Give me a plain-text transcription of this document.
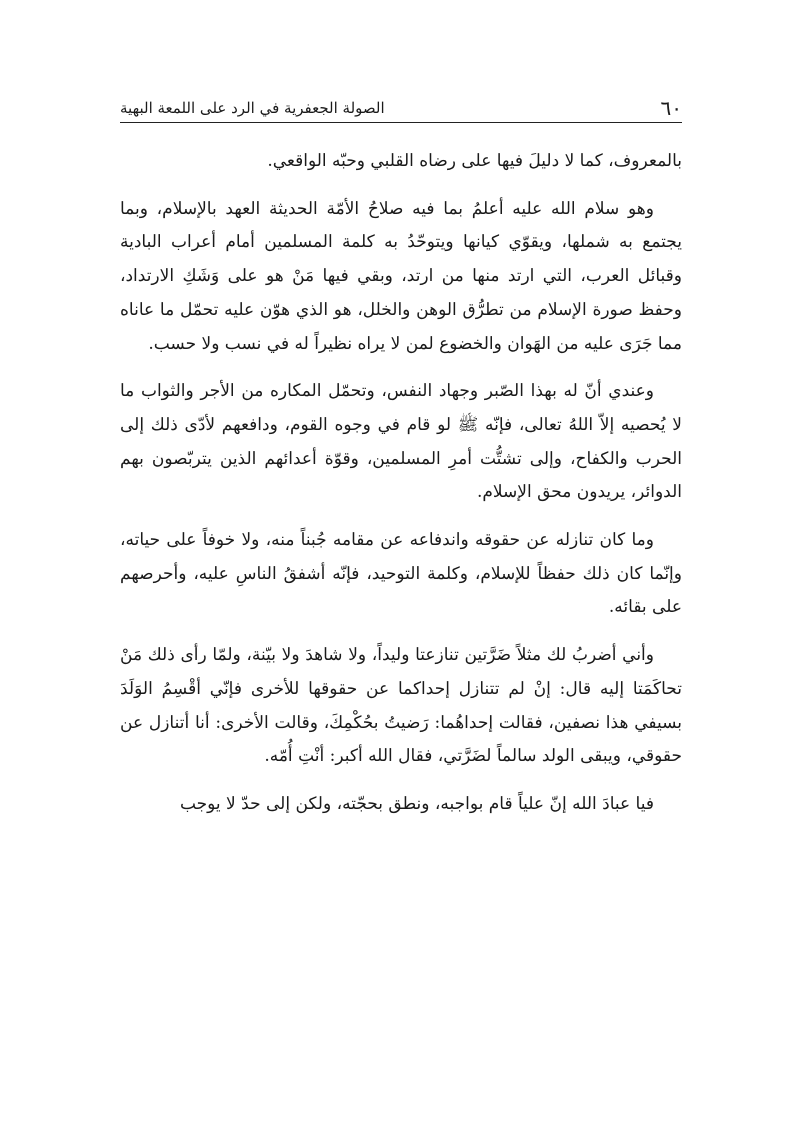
٦٠
الصولة الجعفرية في الرد على اللمعة البهية

بالمعروف، كما لا دليلَ فيها على رضاه القلبي وحبّه الواقعي.

وهو سلام الله عليه أعلمُ بما فيه صلاحُ الأمّة الحديثة العهد بالإسلام، وبما يجتمع به شملها، ويقوّي كيانها ويتوحّدُ به كلمة المسلمين أمام أعراب البادية وقبائل العرب، التي ارتد منها من ارتد، وبقي فيها مَنْ هو على وَشَكِ الارتداد، وحفظ صورة الإسلام من تطرُّق الوهن والخلل، هو الذي هوّن عليه تحمّل ما عاناه مما جَرَى عليه من الهَوان والخضوع لمن لا يراه نظيراً له في نسب ولا حسب.

وعندي أنّ له بهذا الصّبر وجهاد النفس، وتحمّل المكاره من الأجر والثواب ما لا يُحصيه إلاّ اللهُ تعالى، فإنّه ﷺ لو قام في وجوه القوم، ودافعهم لأدّى ذلك إلى الحرب والكفاح، وإلى تشتُّت أمرِ المسلمين، وقوّة أعدائهم الذين يتربّصون بهم الدوائر، يريدون محق الإسلام.

وما كان تنازله عن حقوقه واندفاعه عن مقامه جُبناً منه، ولا خوفاً على حياته، وإنّما كان ذلك حفظاً للإسلام، وكلمة التوحيد، فإنّه أشفقُ الناسِ عليه، وأحرصهم على بقائه.

وأني أضربُ لك مثلاً ضَرَّتين تنازعتا وليداً، ولا شاهدَ ولا بيّنة، ولمّا رأى ذلك مَنْ تحاكَمَتا إليه قال: إنْ لم تتنازل إحداكما عن حقوقها للأخرى فإنّي أقْسِمُ الوَلَدَ بسيفي هذا نصفين، فقالت إحداهُما: رَضيتُ بحُكْمِكَ، وقالت الأخرى: أنا أتنازل عن حقوقي، ويبقى الولد سالماً لضَرَّتي، فقال الله أكبر: أنْتِ أُمّه.

فيا عبادَ الله إنّ علياً قام بواجبه، ونطق بحجّته، ولكن إلى حدّ لا يوجب
